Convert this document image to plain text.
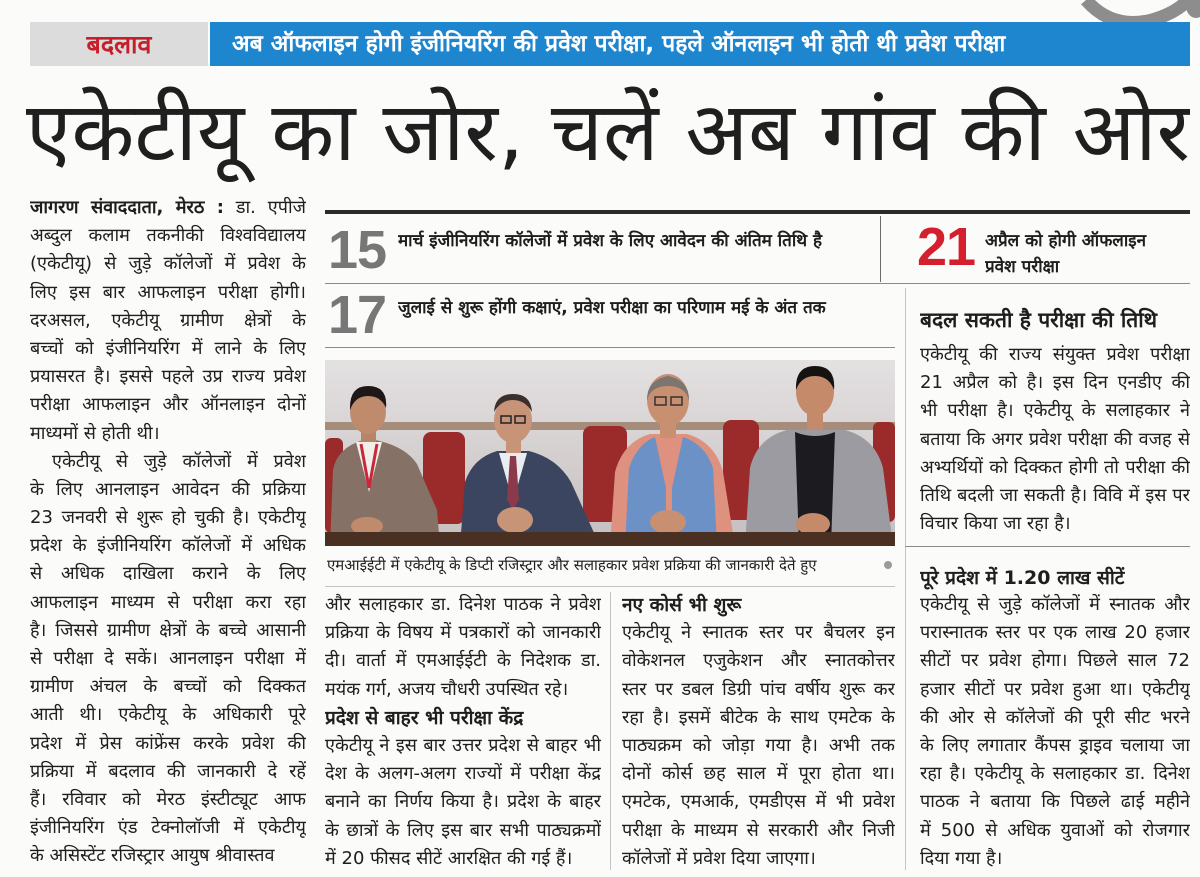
बदलाव	अब ऑफलाइन होगी इंजीनियरिंग की प्रवेश परीक्षा, पहले ऑनलाइन भी होती थी प्रवेश परीक्षा
एकेटीयू का जोर, चलें अब गांव की ओर
जागरण संवाददाता, मेरठ : डा. एपीजे
अब्दुल कलाम तकनीकी विश्वविद्यालय
(एकेटीयू) से जुड़े कॉलेजों में प्रवेश के
लिए इस बार आफलाइन परीक्षा होगी।
दरअसल, एकेटीयू ग्रामीण क्षेत्रों के
बच्चों को इंजीनियरिंग में लाने के लिए
प्रयासरत है। इससे पहले उप्र राज्य प्रवेश
परीक्षा आफलाइन और ऑनलाइन दोनों
माध्यमों से होती थी।
एकेटीयू से जुड़े कॉलेजों में प्रवेश
के लिए आनलाइन आवेदन की प्रक्रिया
23 जनवरी से शुरू हो चुकी है। एकेटीयू
प्रदेश के इंजीनियरिंग कॉलेजों में अधिक
से अधिक दाखिला कराने के लिए
आफलाइन माध्यम से परीक्षा करा रहा
है। जिससे ग्रामीण क्षेत्रों के बच्चे आसानी
से परीक्षा दे सकें। आनलाइन परीक्षा में
ग्रामीण अंचल के बच्चों को दिक्कत
आती थी। एकेटीयू के अधिकारी पूरे
प्रदेश में प्रेस कांफ्रेंस करके प्रवेश की
प्रक्रिया में बदलाव की जानकारी दे रहें
हैं। रविवार को मेरठ इंस्टीट्यूट आफ
इंजीनियरिंग एंड टेक्नोलॉजी में एकेटीयू
के असिस्टेंट रजिस्ट्रार आयुष श्रीवास्तव
15 मार्च इंजीनियरिंग कॉलेजों में प्रवेश के लिए आवेदन की अंतिम तिथि है	21 अप्रैल को होगी ऑफलाइन
प्रवेश परीक्षा
17 जुलाई से शुरू होंगी कक्षाएं, प्रवेश परीक्षा का परिणाम मई के अंत तक
एमआईईटी में एकेटीयू के डिप्टी रजिस्ट्रार और सलाहकार प्रवेश प्रक्रिया की जानकारी देते हुए
और सलाहकार डा. दिनेश पाठक ने प्रवेश
प्रक्रिया के विषय में पत्रकारों को जानकारी
दी। वार्ता में एमआईईटी के निदेशक डा.
मयंक गर्ग, अजय चौधरी उपस्थित रहे।
प्रदेश से बाहर भी परीक्षा केंद्र
एकेटीयू ने इस बार उत्तर प्रदेश से बाहर भी
देश के अलग-अलग राज्यों में परीक्षा केंद्र
बनाने का निर्णय किया है। प्रदेश के बाहर
के छात्रों के लिए इस बार सभी पाठ्यक्रमों
में 20 फीसद सीटें आरक्षित की गई हैं।
नए कोर्स भी शुरू
एकेटीयू ने स्नातक स्तर पर बैचलर इन
वोकेशनल एजुकेशन और स्नातकोत्तर
स्तर पर डबल डिग्री पांच वर्षीय शुरू कर
रहा है। इसमें बीटेक के साथ एमटेक के
पाठ्यक्रम को जोड़ा गया है। अभी तक
दोनों कोर्स छह साल में पूरा होता था।
एमटेक, एमआर्क, एमडीएस में भी प्रवेश
परीक्षा के माध्यम से सरकारी और निजी
कॉलेजों में प्रवेश दिया जाएगा।
बदल सकती है परीक्षा की तिथि
एकेटीयू की राज्य संयुक्त प्रवेश परीक्षा
21 अप्रैल को है। इस दिन एनडीए की
भी परीक्षा है। एकेटीयू के सलाहकार ने
बताया कि अगर प्रवेश परीक्षा की वजह से
अभ्यर्थियों को दिक्कत होगी तो परीक्षा की
तिथि बदली जा सकती है। विवि में इस पर
विचार किया जा रहा है।
पूरे प्रदेश में 1.20 लाख सीटें
एकेटीयू से जुड़े कॉलेजों में स्नातक और
परास्नातक स्तर पर एक लाख 20 हजार
सीटों पर प्रवेश होगा। पिछले साल 72
हजार सीटों पर प्रवेश हुआ था। एकेटीयू
की ओर से कॉलेजों की पूरी सीट भरने
के लिए लगातार कैंपस ड्राइव चलाया जा
रहा है। एकेटीयू के सलाहकार डा. दिनेश
पाठक ने बताया कि पिछले ढाई महीने
में 500 से अधिक युवाओं को रोजगार
दिया गया है।
